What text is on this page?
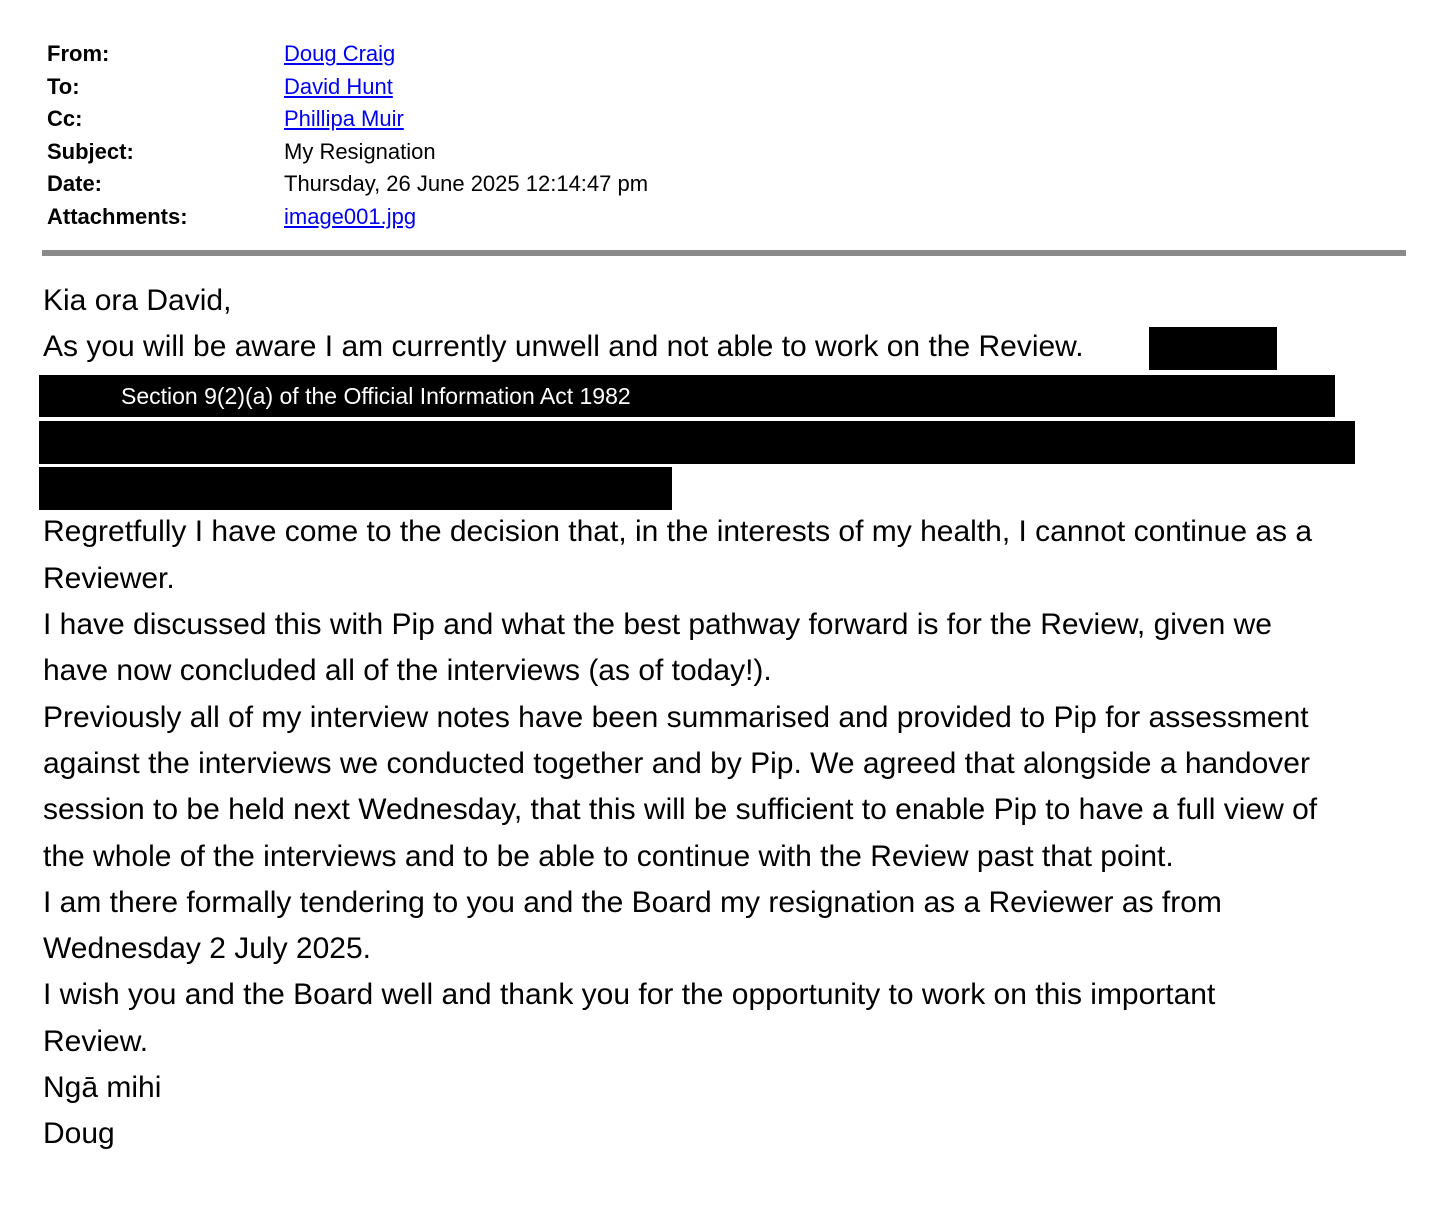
From:	Doug Craig
To:	David Hunt
Cc:	Phillipa Muir
Subject:	My Resignation
Date:	Thursday, 26 June 2025 12:14:47 pm
Attachments:	image001.jpg
Kia ora David,
As you will be aware I am currently unwell and not able to work on the Review.
Regretfully I have come to the decision that, in the interests of my health, I cannot continue as a
Reviewer.
I have discussed this with Pip and what the best pathway forward is for the Review, given we
have now concluded all of the interviews (as of today!).
Previously all of my interview notes have been summarised and provided to Pip for assessment
against the interviews we conducted together and by Pip. We agreed that alongside a handover
session to be held next Wednesday, that this will be sufficient to enable Pip to have a full view of
the whole of the interviews and to be able to continue with the Review past that point.
I am there formally tendering to you and the Board my resignation as a Reviewer as from
Wednesday 2 July 2025.
I wish you and the Board well and thank you for the opportunity to work on this important
Review.
Ngā mihi
Doug
Section 9(2)(a) of the Official Information Act 1982
